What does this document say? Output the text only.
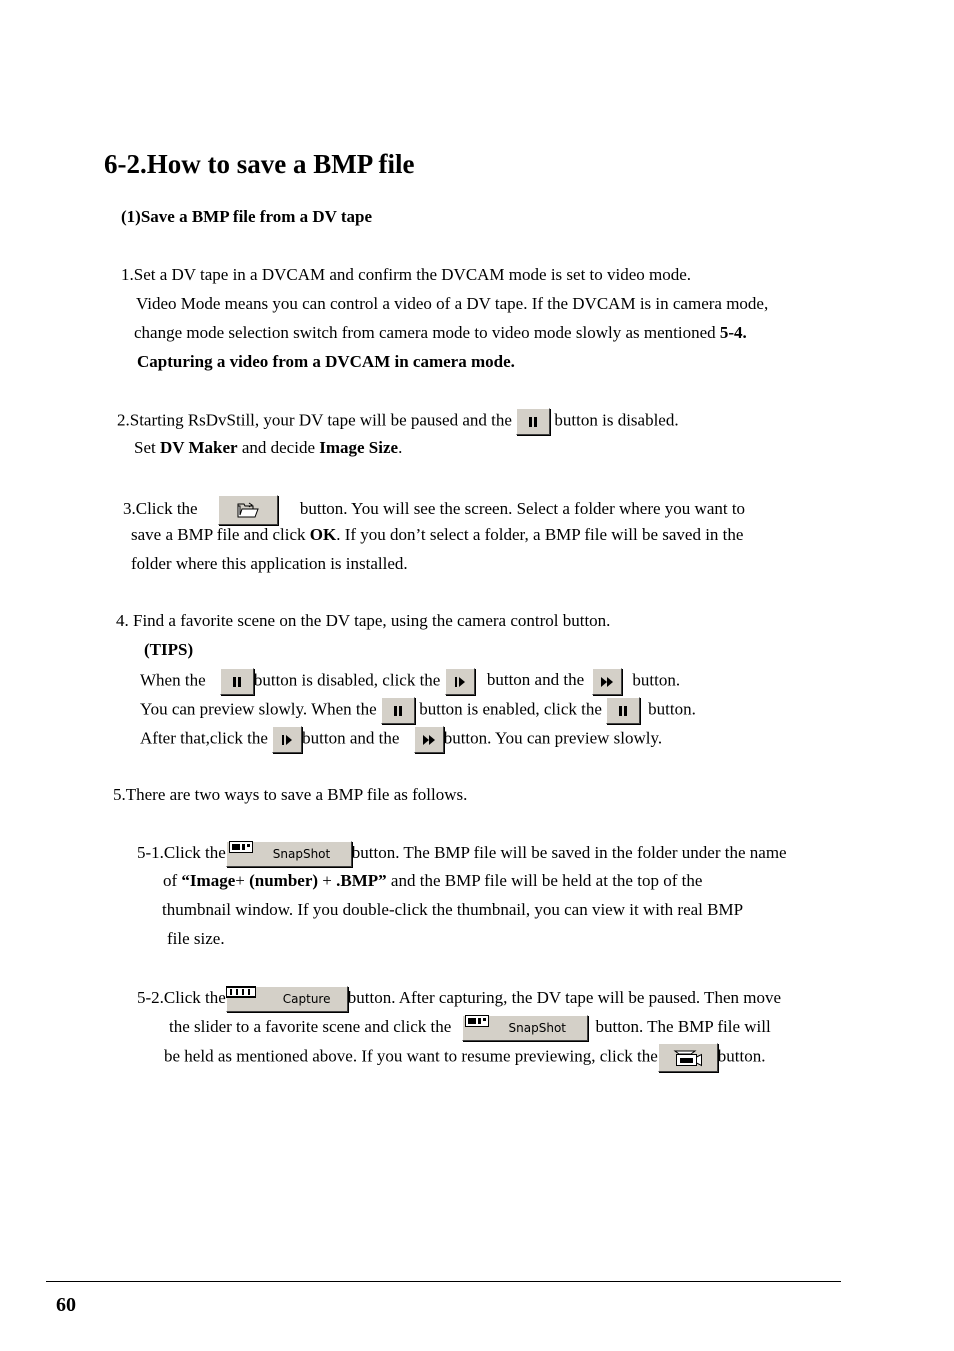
6-2.How to save a BMP file
(1)Save a BMP file from a DV tape
1.Set a DV tape in a DVCAM and confirm the DVCAM mode is set to video mode.
Video Mode means you can control a video of a DV tape. If the DVCAM is in camera mode,
change mode selection switch from camera mode to video mode slowly as mentioned 5-4.
Capturing a video from a DVCAM in camera mode.
2.Starting RsDvStill, your DV tape will be paused and the
button is disabled.
Set DV Maker and decide Image Size.
3.Click the	button. You will see the screen. Select a folder where you want to
save a BMP file and click OK. If you don’t select a folder, a BMP file will be saved in the
folder where this application is installed.
4. Find a favorite scene on the DV tape, using the camera control button.
(TIPS)
When the	button is disabled, click the	button and the	button.
You can preview slowly. When the	button is enabled, click the	button.
After that,click the button and the	button. You can preview slowly.
5.There are two ways to save a BMP file as follows.
5-1.Click the	SnapShot button. The BMP file will be saved in the folder under the name
of “Image+ (number) + .BMP” and the BMP file will be held at the top of the
thumbnail window. If you double-click the thumbnail, you can view it with real BMP
file size.
5-2.Click the	Capture button. After capturing, the DV tape will be paused. Then move
the slider to a favorite scene and click the	SnapShot button. The BMP file will
be held as mentioned above. If you want to resume previewing, click the	button.
60
